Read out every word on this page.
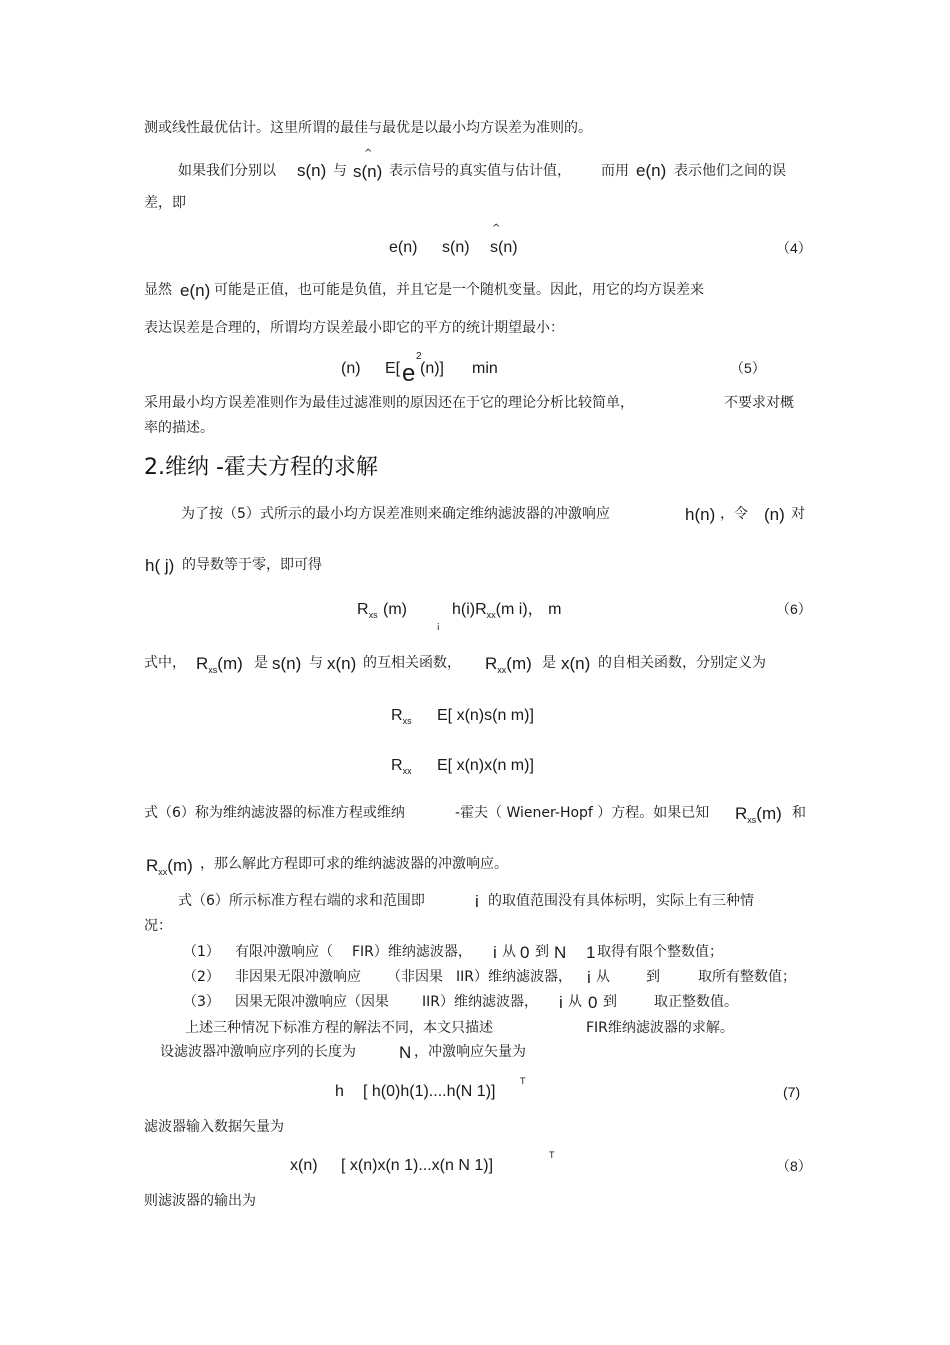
测或线性最优估计。这里所谓的最佳与最优是以最小均方误差为准则的。
如果我们分别以 s(n) 与
^
s(n) 表示信号的真实值与估计值， 而用 e(n) 表示他们之间的误
差，即
e(n) s(n)
^
s(n)	（4）
显然 e(n) 可能是正值，也可能是负值，并且它是一个随机变量。因此，用它的均方误差来
表达误差是合理的，所谓均方误差最小即它的平方的统计期望最小：
(n) E[ e
2
(n)] min	（5）
采用最小均方误差准则作为最佳过滤准则的原因还在于它的理论分析比较简单，	不要求对概
率的描述。
2.维纳 -霍夫方程的求解
为了按（5）式所示的最小均方误差准则来确定维纳滤波器的冲激响应	h(n) ，令 (n) 对
h( j) 的导数等于零，即可得
$R_{xs}$ (m)	$h(i)R_{xx}(m$ i)， m
i
（6）
式中， $R_{xs}(m)$ 是 s(n) 与 x(n) 的互相关函数， $R_{xx}(m)$ 是 x(n) 的自相关函数，分别定义为
$R_{xs}$ E[ x(n)s(n m)]
$R_{xx}$ E[ x(n)x(n m)]
式（6）称为维纳滤波器的标准方程或维纳	-霍夫（ Wiener-Hopf ）方程。如果已知 $R_{xs}(m)$ 和
$R_{xx}(m)$ ，那么解此方程即可求的维纳滤波器的冲激响应。
式（6）所示标准方程右端的求和范围即	i 的取值范围没有具体标明，实际上有三种情
况：
（1） 有限冲激响应（ FIR）维纳滤波器， i 从 0 到 N 1 取得有限个整数值；
（2） 非因果无限冲激响应 （非因果 IIR）维纳滤波器， i 从	到	取所有整数值；
（3） 因果无限冲激响应（因果 IIR）维纳滤波器， i 从 0 到	取正整数值。
上述三种情况下标准方程的解法不同，本文只描述	FIR维纳滤波器的求解。
设滤波器冲激响应序列的长度为	N ，冲激响应矢量为
h [ h(0)h(1)....h(N 1)]
T
(7)
滤波器输入数据矢量为
x(n) [ x(n)x(n 1)...x(n N 1)]
T
（8）
则滤波器的输出为
